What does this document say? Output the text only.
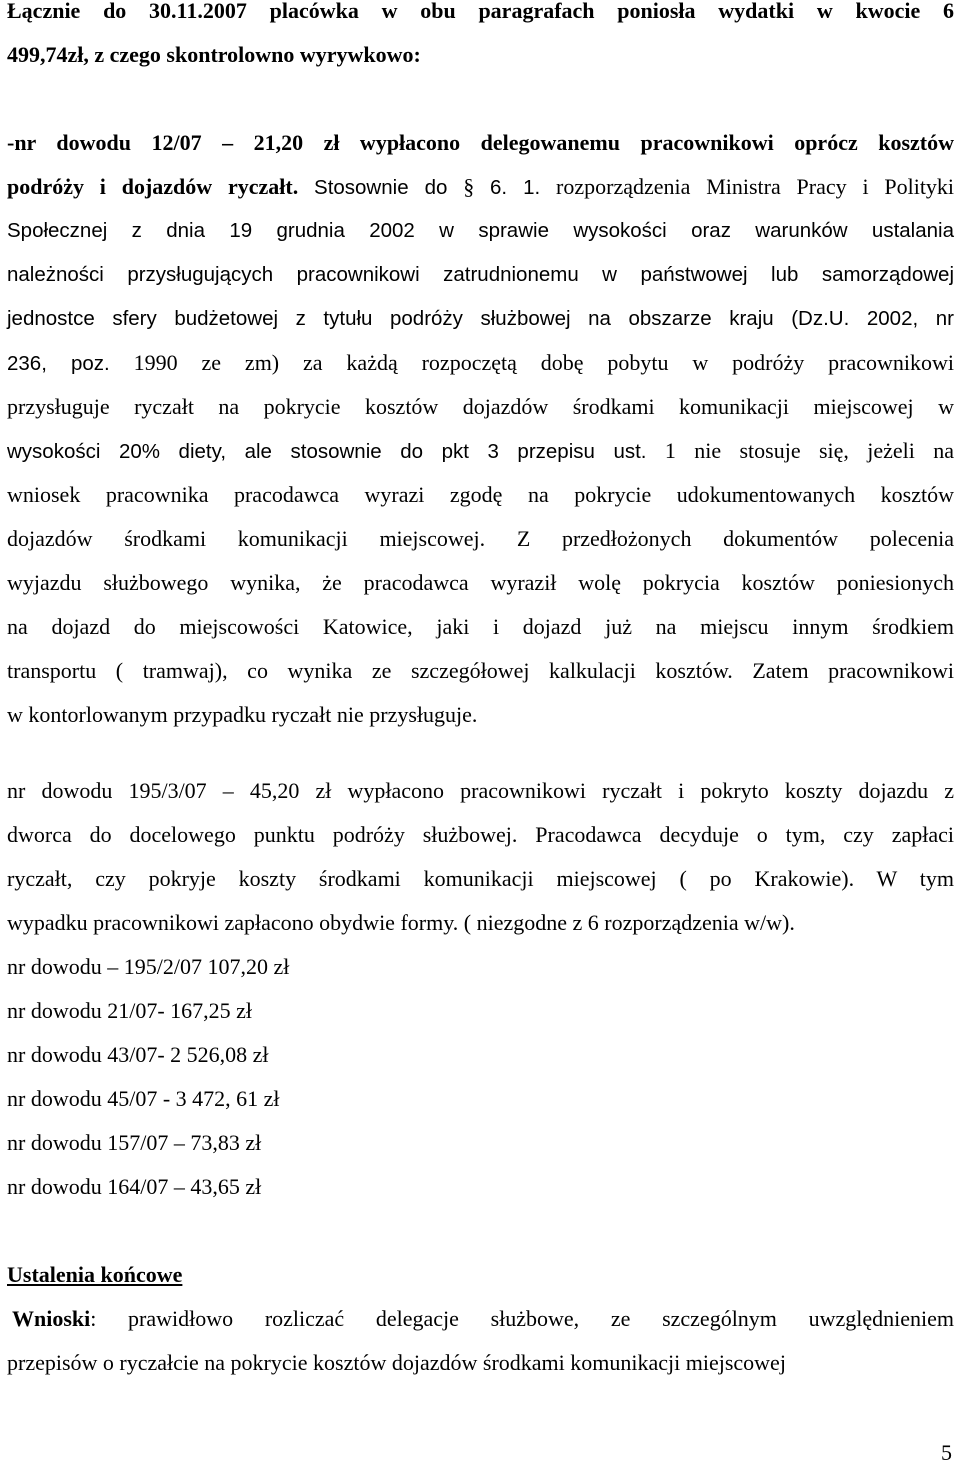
Łącznie do 30.11.2007 placówka w obu paragrafach poniosła wydatki w kwocie 6
499,74zł, z czego skontrolowno wyrywkowo:
-nr dowodu 12/07 – 21,20 zł wypłacono delegowanemu pracownikowi oprócz kosztów
podróży i dojazdów ryczałt. Stosownie do § 6. 1. rozporządzenia Ministra Pracy i Polityki
Społecznej z dnia 19 grudnia 2002 w sprawie wysokości oraz warunków ustalania
należności przysługujących pracownikowi zatrudnionemu w państwowej lub samorządowej
jednostce sfery budżetowej z tytułu podróży służbowej na obszarze kraju (Dz.U. 2002, nr
236, poz. 1990 ze zm) za każdą rozpoczętą dobę pobytu w podróży pracownikowi
przysługuje ryczałt na pokrycie kosztów dojazdów środkami komunikacji miejscowej w
wysokości 20% diety, ale stosownie do pkt 3 przepisu ust. 1 nie stosuje się, jeżeli na
wniosek pracownika pracodawca wyrazi zgodę na pokrycie udokumentowanych kosztów
dojazdów środkami komunikacji miejscowej. Z przedłożonych dokumentów polecenia
wyjazdu służbowego wynika, że pracodawca wyraził wolę pokrycia kosztów poniesionych
na dojazd do miejscowości Katowice, jaki i dojazd już na miejscu innym środkiem
transportu ( tramwaj), co wynika ze szczegółowej kalkulacji kosztów. Zatem pracownikowi
w kontorlowanym przypadku ryczałt nie przysługuje.
nr dowodu 195/3/07 – 45,20 zł wypłacono pracownikowi ryczałt i pokryto koszty dojazdu z
dworca do docelowego punktu podróży służbowej. Pracodawca decyduje o tym, czy zapłaci
ryczałt, czy pokryje koszty środkami komunikacji miejscowej ( po Krakowie). W tym
wypadku pracownikowi zapłacono obydwie formy. ( niezgodne z 6 rozporządzenia w/w).
nr dowodu – 195/2/07 107,20 zł
nr dowodu 21/07- 167,25 zł
nr dowodu 43/07- 2 526,08 zł
nr dowodu 45/07 - 3 472, 61 zł
nr dowodu 157/07 – 73,83 zł
nr dowodu 164/07 – 43,65 zł
Ustalenia końcowe
Wnioski: prawidłowo rozliczać delegacje służbowe, ze szczególnym uwzględnieniem
przepisów o ryczałcie na pokrycie kosztów dojazdów środkami komunikacji miejscowej
5
